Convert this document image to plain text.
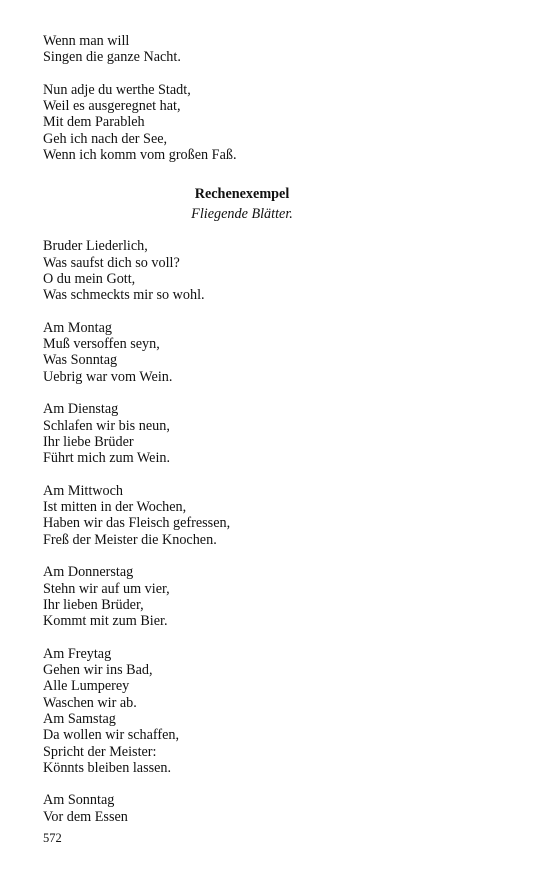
Wenn man will
Singen die ganze Nacht.
Nun adje du werthe Stadt,
Weil es ausgeregnet hat,
Mit dem Parableh
Geh ich nach der See,
Wenn ich komm vom großen Faß.
Rechenexempel
Fliegende Blätter.
Bruder Liederlich,
Was saufst dich so voll?
O du mein Gott,
Was schmeckts mir so wohl.
Am Montag
Muß versoffen seyn,
Was Sonntag
Uebrig war vom Wein.
Am Dienstag
Schlafen wir bis neun,
Ihr liebe Brüder
Führt mich zum Wein.
Am Mittwoch
Ist mitten in der Wochen,
Haben wir das Fleisch gefressen,
Freß der Meister die Knochen.
Am Donnerstag
Stehn wir auf um vier,
Ihr lieben Brüder,
Kommt mit zum Bier.
Am Freytag
Gehen wir ins Bad,
Alle Lumperey
Waschen wir ab.
Am Samstag
Da wollen wir schaffen,
Spricht der Meister:
Könnts bleiben lassen.
Am Sonntag
Vor dem Essen
572
